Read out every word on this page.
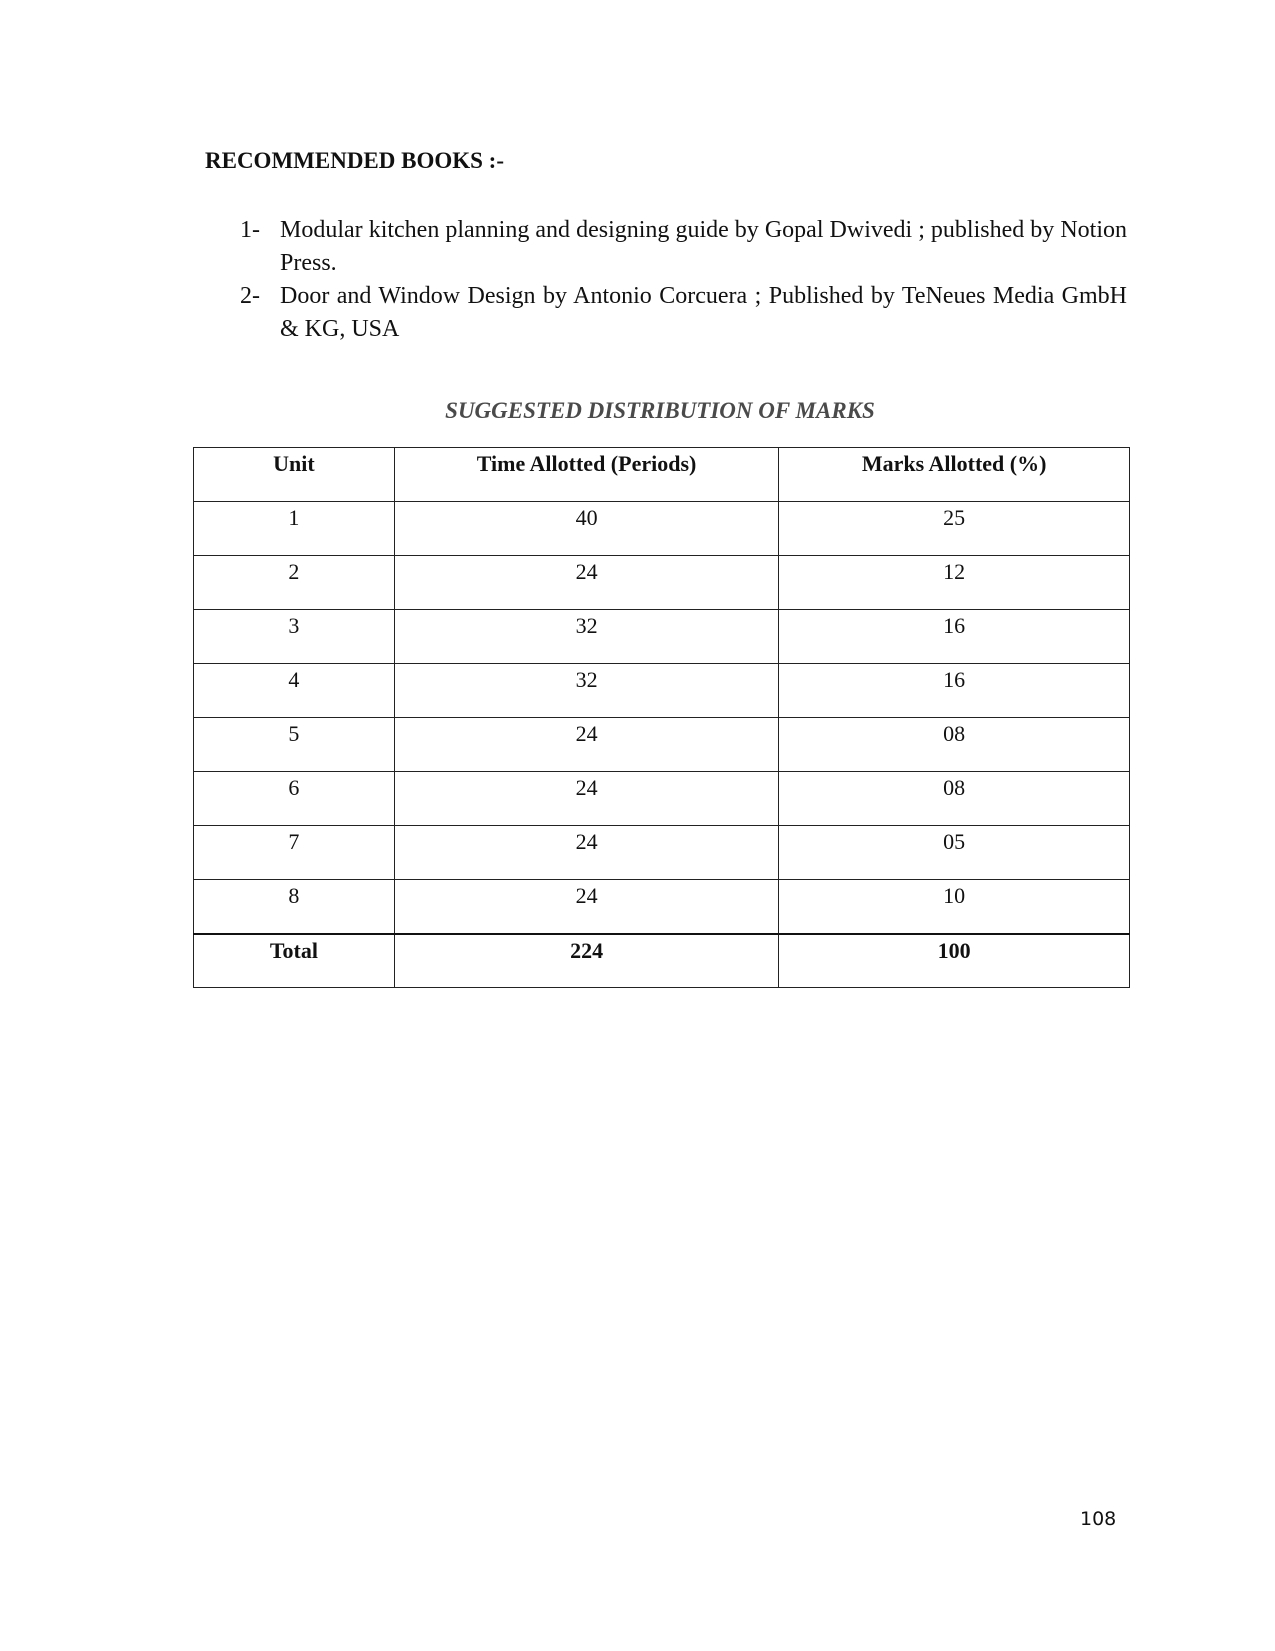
RECOMMENDED BOOKS :-
1- Modular kitchen planning and designing guide by Gopal Dwivedi ; published by Notion Press.
2- Door and Window Design by Antonio Corcuera ; Published by TeNeues Media GmbH & KG, USA
SUGGESTED DISTRIBUTION OF MARKS
Unit	Time Allotted (Periods)	Marks Allotted (%)
1	40	25
2	24	12
3	32	16
4	32	16
5	24	08
6	24	08
7	24	05
8	24	10
Total	224	100
108
